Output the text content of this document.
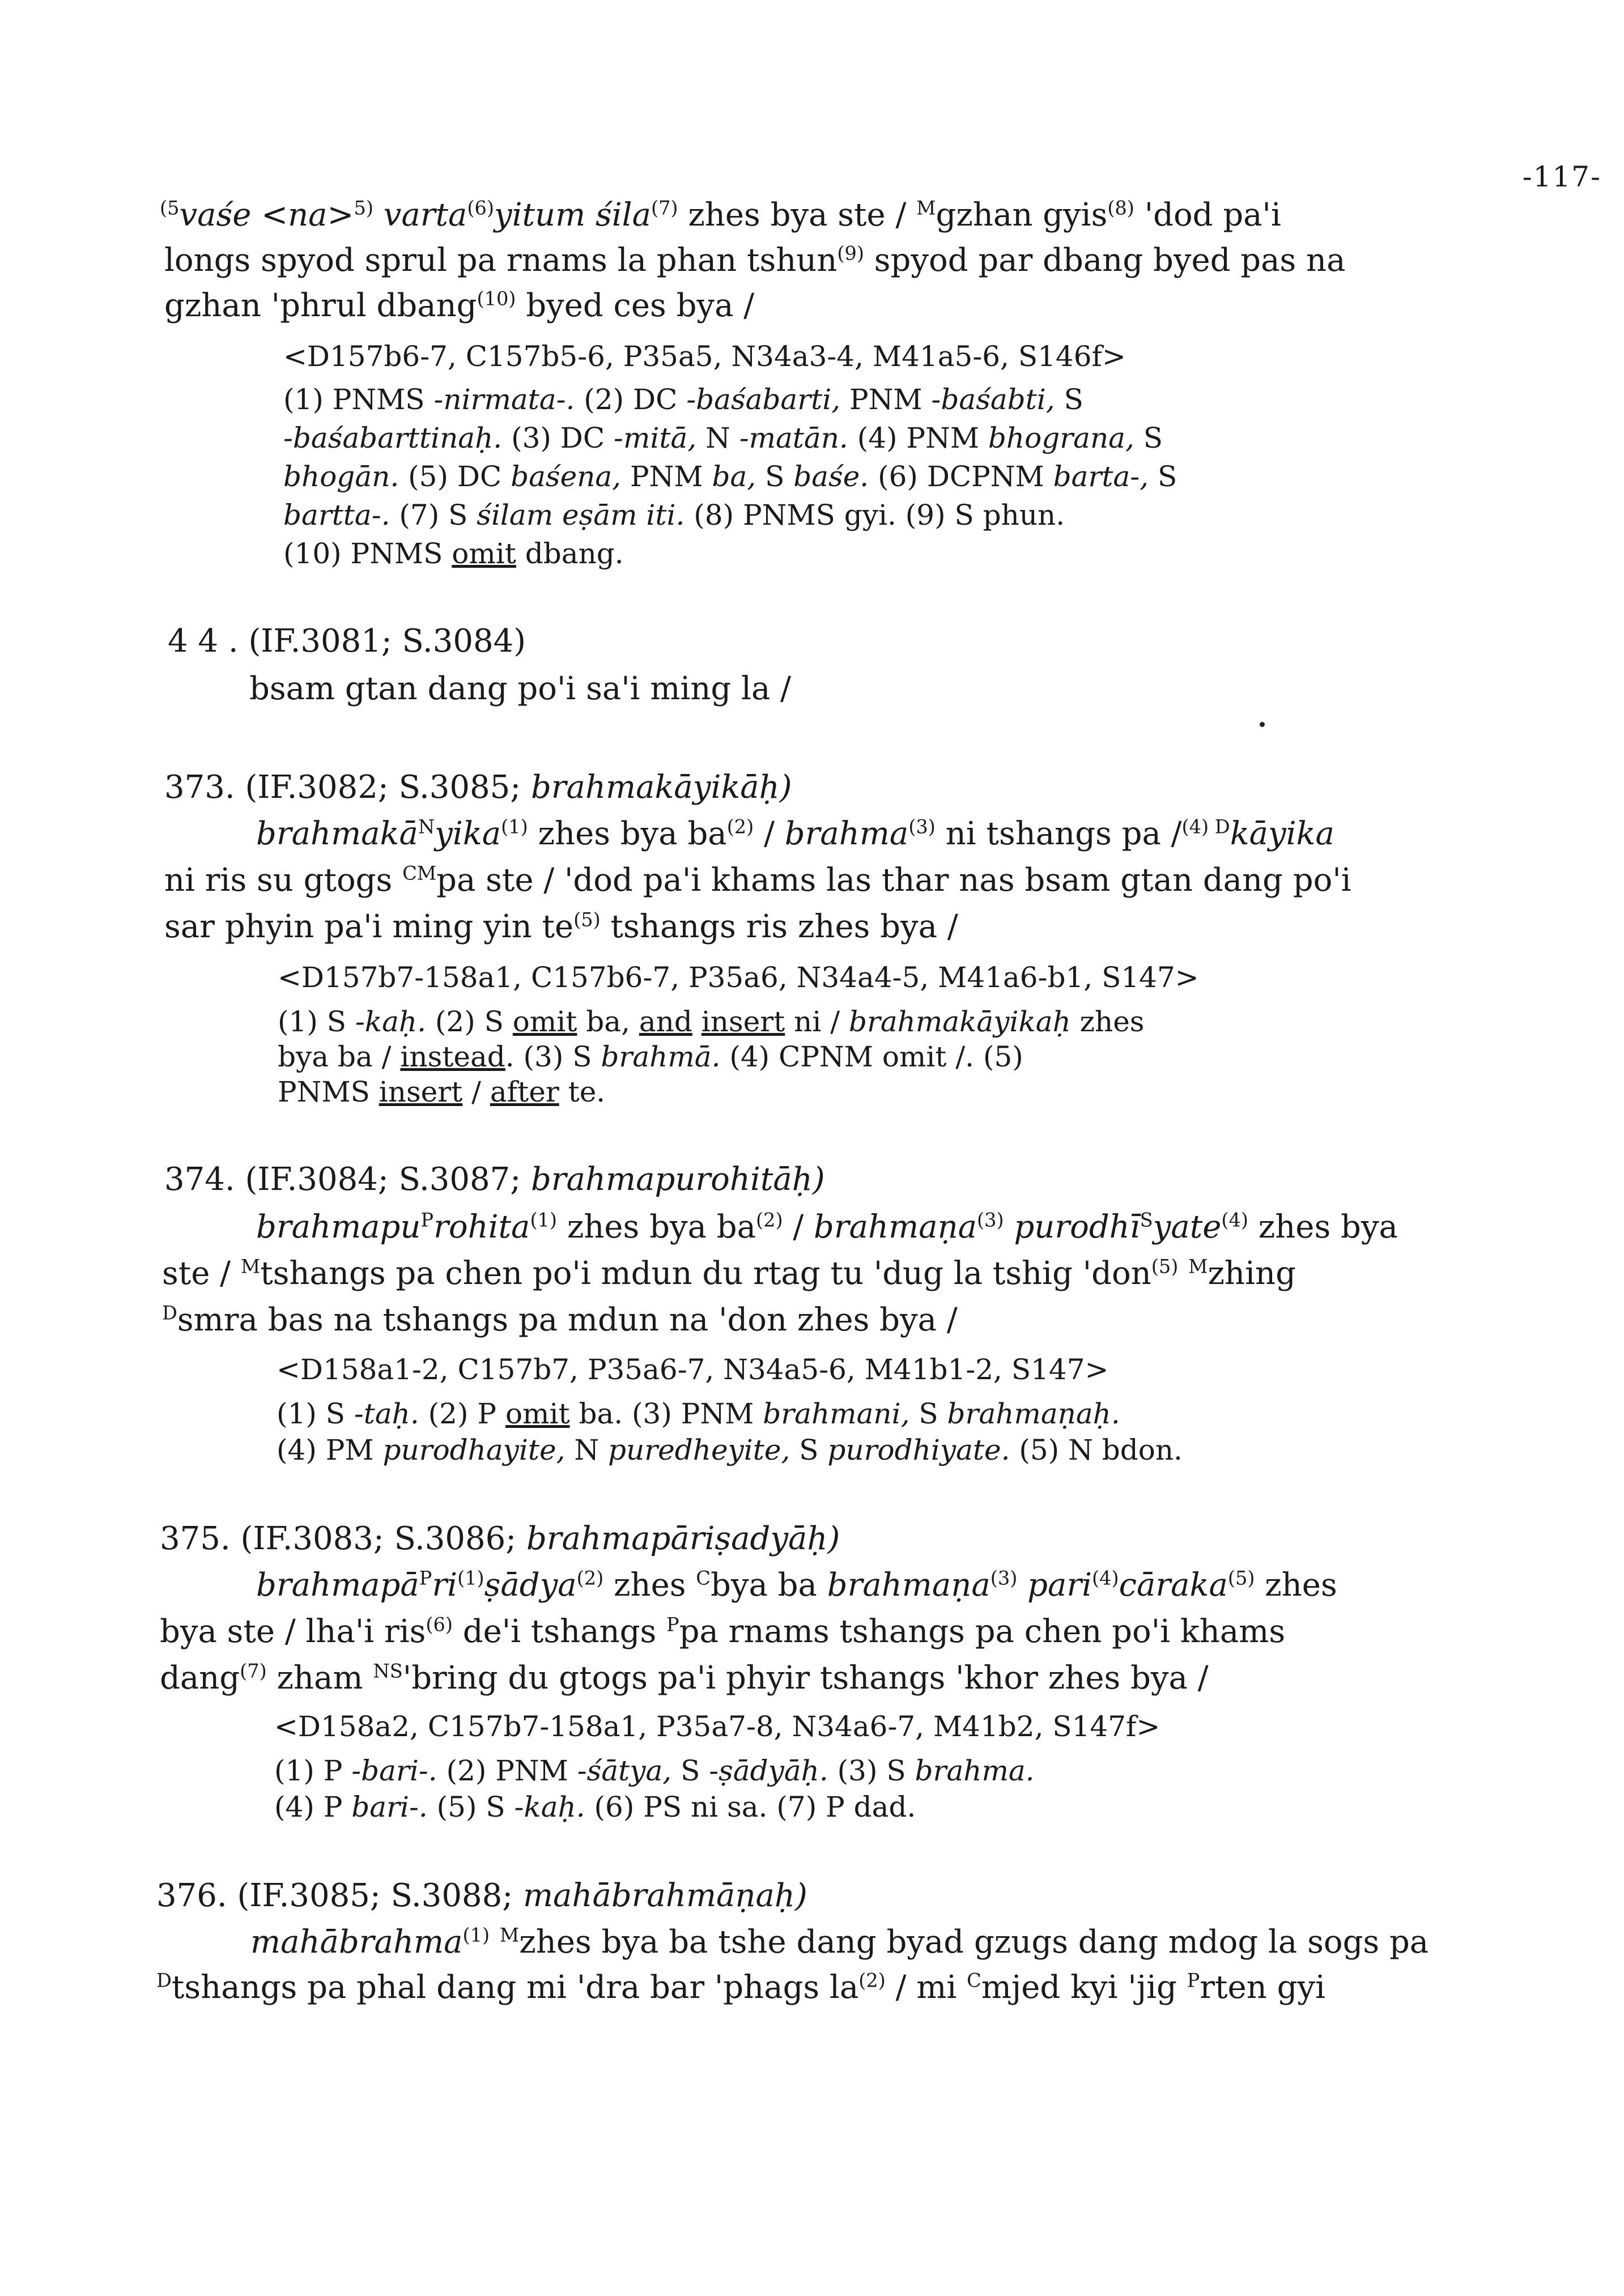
-117-
$^{(5}$vaśe <na>$^{5)}$ varta$^{(6)}$yitum śila$^{(7)}$ zhes bya ste / $^M$gzhan gyis$^{(8)}$ 'dod pa'i
longs spyod sprul pa rnams la phan tshun$^{(9)}$ spyod par dbang byed pas na
gzhan 'phrul dbang$^{(10)}$ byed ces bya /
<D157b6-7, C157b5-6, P35a5, N34a3-4, M41a5-6, S146f>
(1) PNMS -nirmata-. (2) DC -baśabarti, PNM -baśabti, S
-baśabarttinaḥ. (3) DC -mitā, N -matān. (4) PNM bhograna, S
bhogān. (5) DC baśena, PNM ba, S baśe. (6) DCPNM barta-, S
bartta-. (7) S śilam eṣām iti. (8) PNMS gyi. (9) S phun.
(10) PNMS omit dbang.
4 4 . (IF.3081; S.3084)
bsam gtan dang po'i sa'i ming la /
373. (IF.3082; S.3085; brahmakāyikāḥ)
brahmakā$^N$yika$^{(1)}$ zhes bya $ba^{(2)}$ / brahma$^{(3)}$ ni tshangs pa /$^{(4)}$ $^D$kāyika
ni ris su gtogs $^{CM}$pa ste / 'dod pa'i khams las thar nas bsam gtan dang po'i
sar phyin pa'i ming yin $te^{(5)}$ tshangs ris zhes bya /
<D157b7-158a1, C157b6-7, P35a6, N34a4-5, M41a6-b1, S147>
(1) S -kaḥ. (2) S omit ba, and insert ni / brahmakāyikaḥ zhes
bya ba / instead. (3) S brahmā. (4) CPNM omit /. (5)
PNMS insert / after te.
374. (IF.3084; S.3087; brahmapurohitāḥ)
brahmapu$^P$rohita$^{(1)}$ zhes bya $ba^{(2)}$ / brahmaṇa$^{(3)}$ purodhī$^S$yate$^{(4)}$ zhes bya
ste / $^M$tshangs pa chen po'i mdun du rtag tu 'dug la tshig 'don$^{(5)}$ $^M$zhing
$^D$smra bas na tshangs pa mdun na 'don zhes bya /
<D158a1-2, C157b7, P35a6-7, N34a5-6, M41b1-2, S147>
(1) S -taḥ. (2) P omit ba. (3) PNM brahmani, S brahmaṇaḥ.
(4) PM purodhayite, N puredheyite, S purodhiyate. (5) N bdon.
375. (IF.3083; S.3086; brahmapāriṣadyāḥ)
$brahmapā^Pri^{(1)}ṣādya^{(2)}$ zhes $^C$bya ba brahmaṇa$^{(3)}$ pari$^{(4)}$cāraka$^{(5)}$ zhes
bya ste / lha'i ris$^{(6)}$ de'i tshangs $^P$pa rnams tshangs pa chen po'i khams
dang$^{(7)}$ zham $^{NS}$'bring du gtogs pa'i phyir tshangs 'khor zhes bya /
<D158a2, C157b7-158a1, P35a7-8, N34a6-7, M41b2, S147f>
(1) P -bari-. (2) PNM -śātya, S -ṣādyāḥ. (3) S brahma.
(4) P bari-. (5) S -kaḥ. (6) PS ni sa. (7) P dad.
376. (IF.3085; S.3088; mahābrahmāṇaḥ)
mahābrahma$^{(1)}$ $^M$zhes bya ba tshe dang byad gzugs dang mdog la sogs pa
$^D$tshangs pa phal dang mi 'dra bar 'phags $la^{(2)}$ / mi $^C$mjed kyi 'jig $^P$rten gyi
